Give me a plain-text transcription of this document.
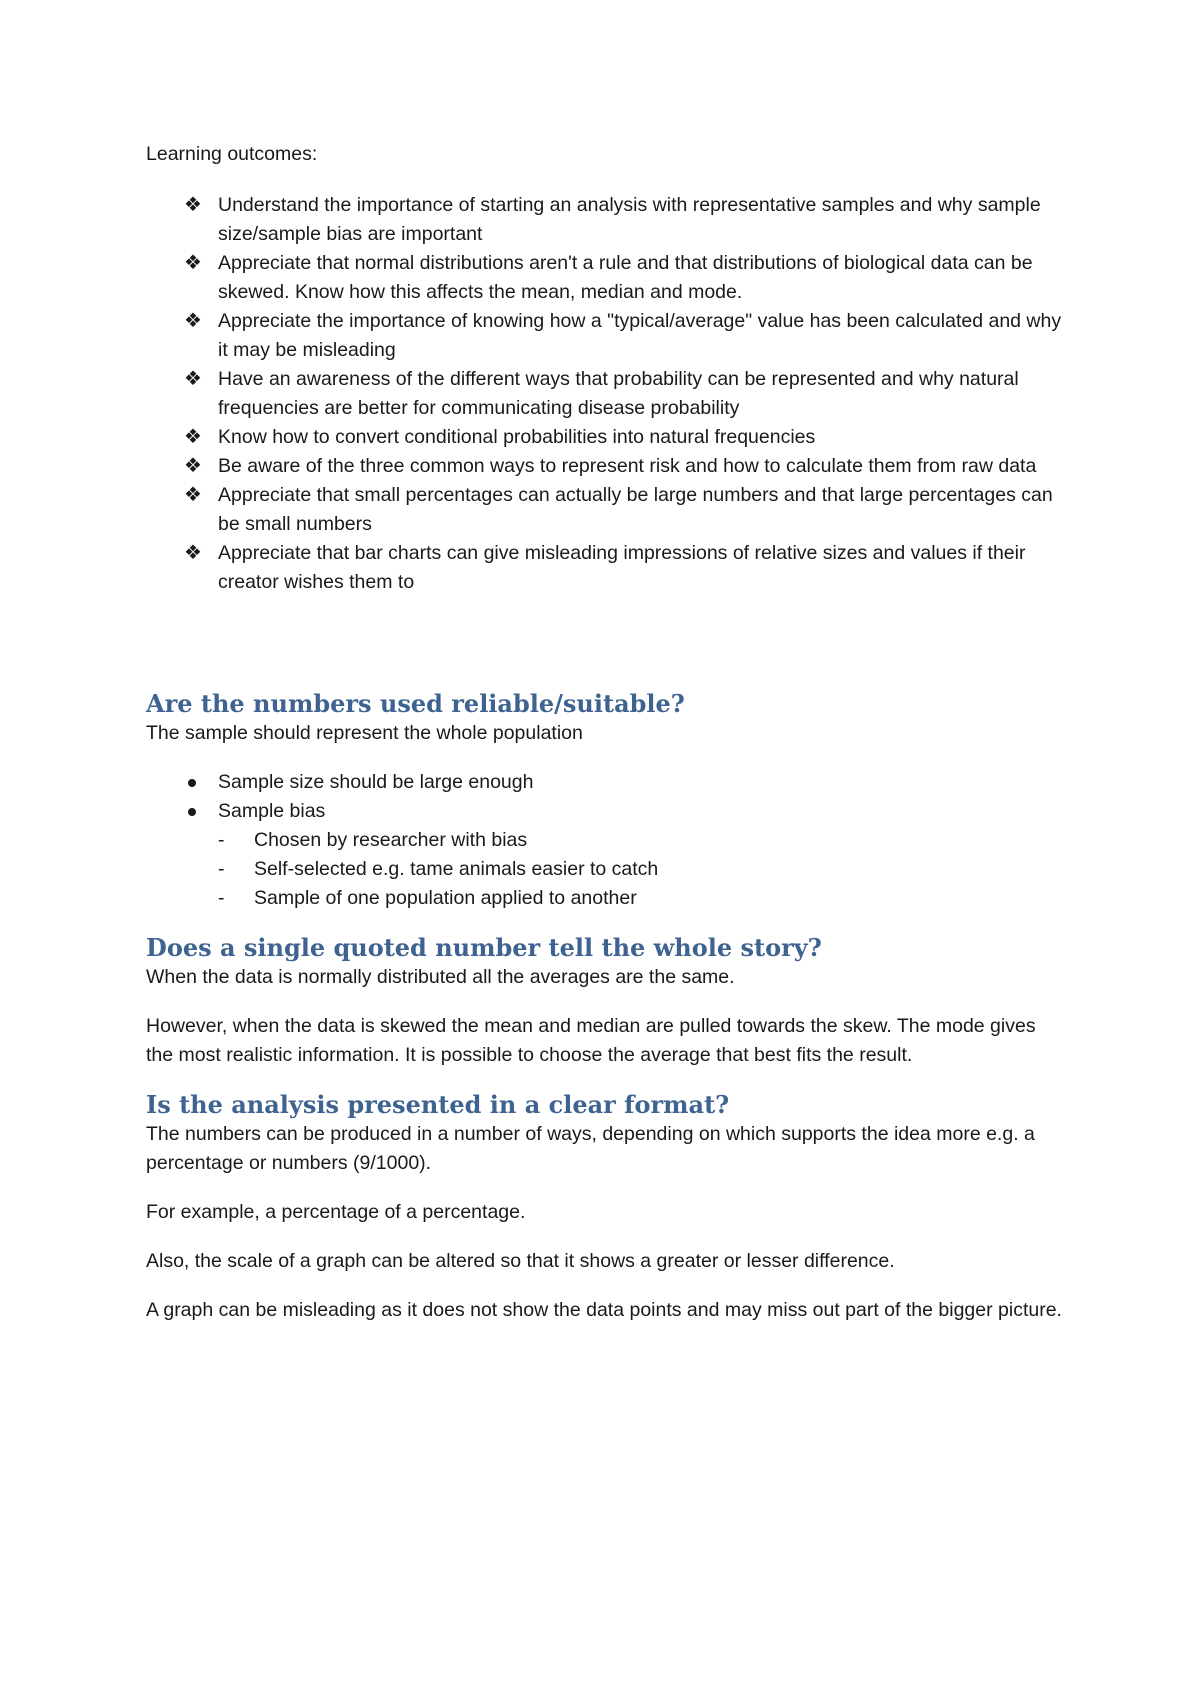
Learning outcomes:

❖ Understand the importance of starting an analysis with representative samples and why sample size/sample bias are important
❖ Appreciate that normal distributions aren't a rule and that distributions of biological data can be skewed. Know how this affects the mean, median and mode.
❖ Appreciate the importance of knowing how a "typical/average" value has been calculated and why it may be misleading
❖ Have an awareness of the different ways that probability can be represented and why natural frequencies are better for communicating disease probability
❖ Know how to convert conditional probabilities into natural frequencies
❖ Be aware of the three common ways to represent risk and how to calculate them from raw data
❖ Appreciate that small percentages can actually be large numbers and that large percentages can be small numbers
❖ Appreciate that bar charts can give misleading impressions of relative sizes and values if their creator wishes them to
Are the numbers used reliable/suitable?

The sample should represent the whole population

Sample size should be large enough
Sample bias
- Chosen by researcher with bias
- Self-selected e.g. tame animals easier to catch
- Sample of one population applied to another
Does a single quoted number tell the whole story?

When the data is normally distributed all the averages are the same.

However, when the data is skewed the mean and median are pulled towards the skew. The mode gives the most realistic information. It is possible to choose the average that best fits the result.

Is the analysis presented in a clear format?

The numbers can be produced in a number of ways, depending on which supports the idea more e.g. a percentage or numbers (9/1000).

For example, a percentage of a percentage.

Also, the scale of a graph can be altered so that it shows a greater or lesser difference.

A graph can be misleading as it does not show the data points and may miss out part of the bigger picture.
